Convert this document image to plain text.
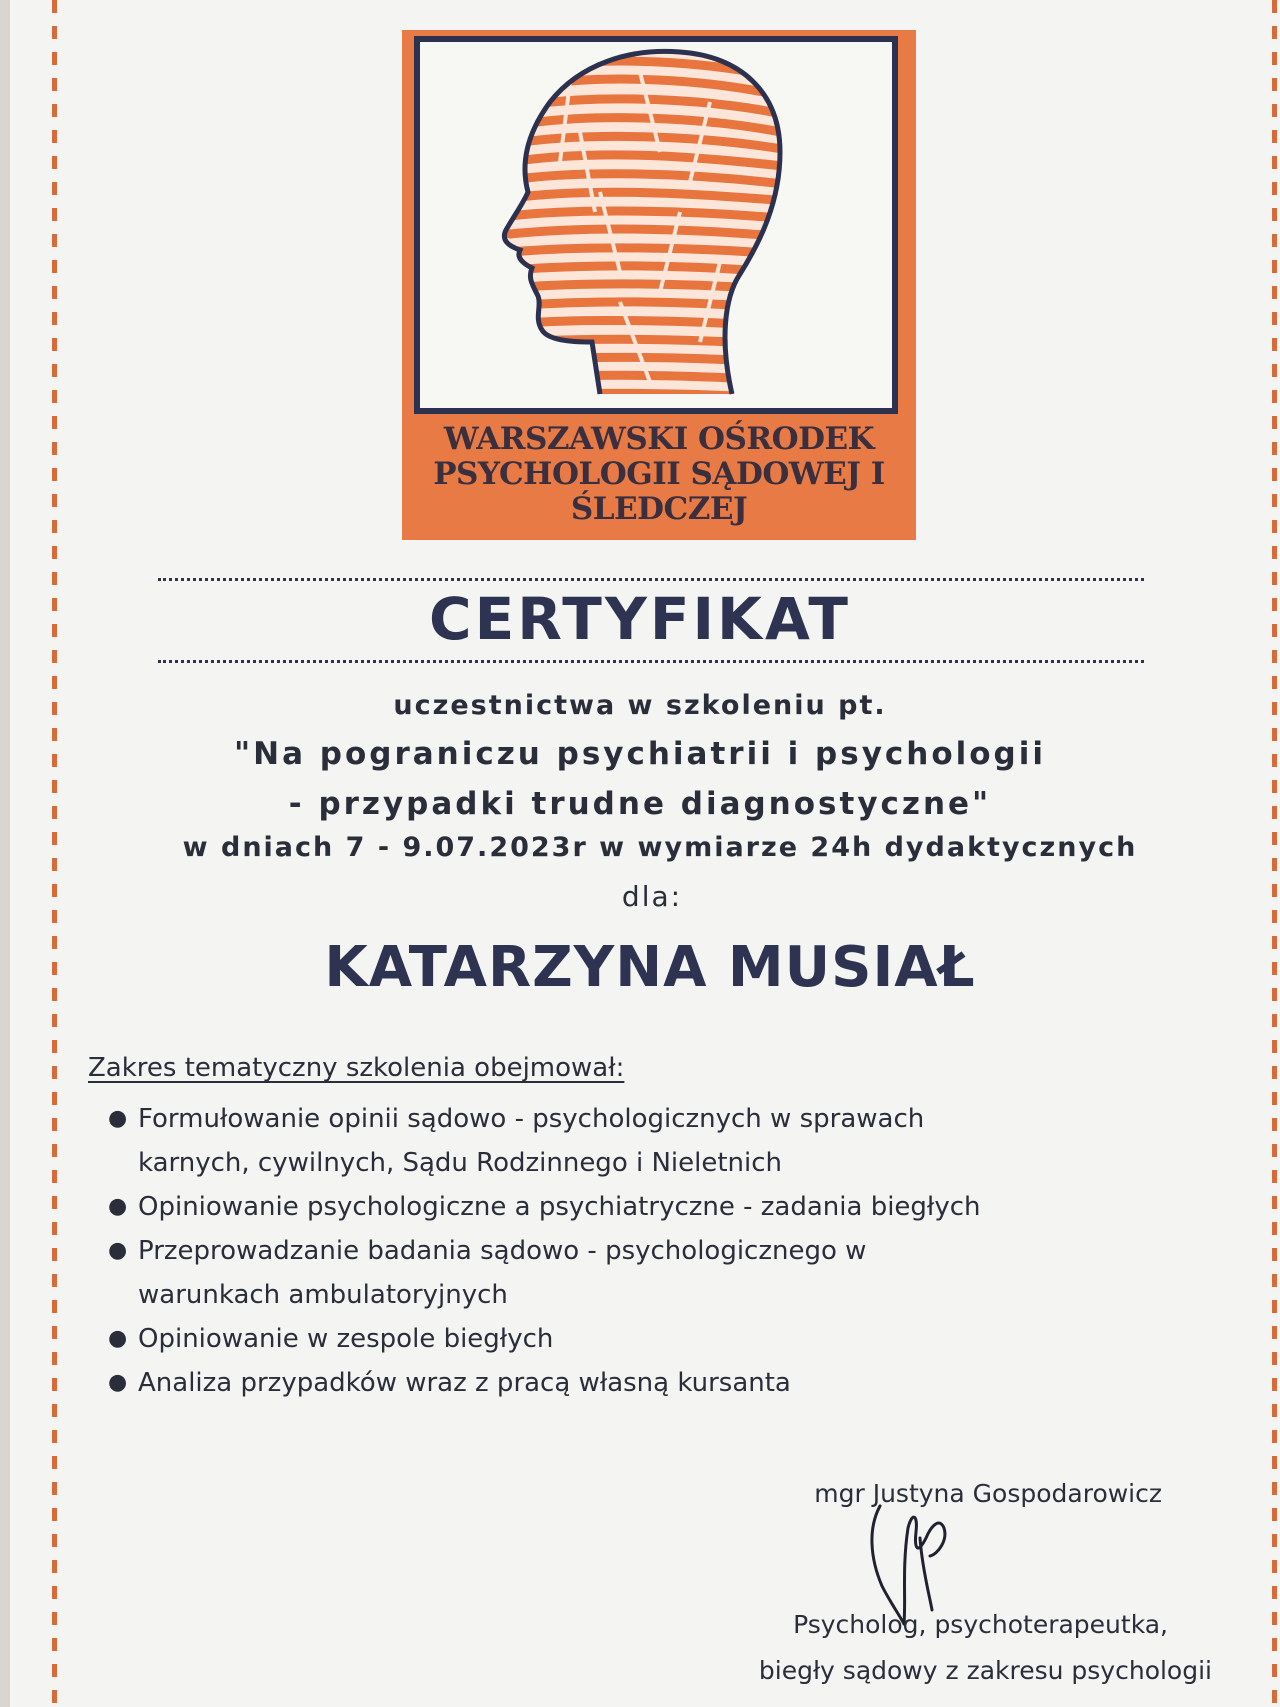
WARSZAWSKI OŚRODEK
PSYCHOLOGII SĄDOWEJ I
ŚLEDCZEJ
CERTYFIKAT
uczestnictwa w szkoleniu pt.
"Na pograniczu psychiatrii i psychologii
- przypadki trudne diagnostyczne"
w dniach 7 - 9.07.2023r w wymiarze 24h dydaktycznych
dla:
KATARZYNA MUSIAŁ
Zakres tematyczny szkolenia obejmował:
● Formułowanie opinii sądowo - psychologicznych w sprawach
karnych, cywilnych, Sądu Rodzinnego i Nieletnich
● Opiniowanie psychologiczne a psychiatryczne - zadania biegłych
● Przeprowadzanie badania sądowo - psychologicznego w
warunkach ambulatoryjnych
● Opiniowanie w zespole biegłych
● Analiza przypadków wraz z pracą własną kursanta
mgr Justyna Gospodarowicz
Psycholog, psychoterapeutka,
biegły sądowy z zakresu psychologii
